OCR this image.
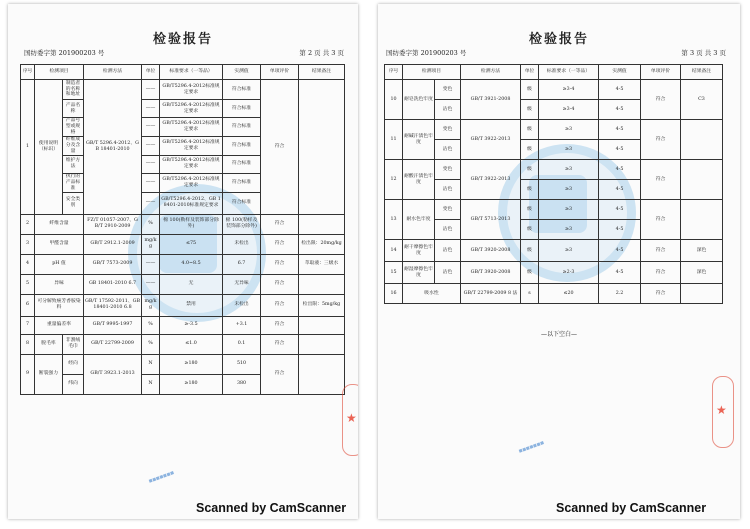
检验报告
国纺委字第 201900203 号	第 2 页 共 3 页
序号	检测项目		检测方法	单位	标准要求（一等品）	实测值	单项评价	结果备注
1	使用说明（标识）	制造者的名称和地址	GB/T 5296.4-2012、GB 18401-2010	——	GB/T5296.4-2012标准规定要求	符合标准	符合	
		产品名称		——	GB/T5296.4-2012标准规定要求	符合标准		
		产品号型或规格		——	GB/T5296.4-2012标准规定要求	符合标准		
		纤维成分及含量		——	GB/T5296.4-2012标准规定要求	符合标准		
		维护方法		——	GB/T5296.4-2012标准规定要求	符合标准		
		执行的产品标准		——	GB/T5296.4-2012标准规定要求	符合标准		
		安全类别		——	GB/T5296.4-2012、GB 18401-2010标准规定要求	符合标准		
2	纤维含量		FZ/T 01057-2007、GB/T 2910-2009	%	棉 100(勒样及装饰部分除外)	棉 100(勒样及装饰部分除外)	符合	
3	甲醛含量		GB/T 2912.1-2009	mg/kg	≤75	未检出	符合	检出限：20mg/kg
4	pH 值		GB/T 7573-2009	——	4.0~8.5	6.7	符合	萃取液：三级水
5	异味		GB 18401-2010 6.7	——	无	无异味	符合	
6	可分解致癌芳香胺染料		GB/T 17592-2011、GB18401-2010 6.8	mg/kg	禁用	未检出	符合	检出限：5mg/kg
7	重量偏差率		GB/T 9995-1997	%	≥-3.5	+3.1	符合	
8	脱毛率	非割绒毛巾	GB/T 22799-2009	%	≤1.0	0.1	符合	
9	断裂强力	经向	GB/T 3923.1-2013	N	≥180	510	符合	
		纬向		N	≥180	380		
★
■■■■■■■
Scanned by CamScanner
检验报告
国纺委字第 201900203 号	第 3 页 共 3 页
序号	检测项目		检测方法	单位	标准要求（一等品）	实测值	单项评价	结果备注
10	耐皂洗色牢度	变色	GB/T 3921-2008	级	≥3-4	4-5	符合	C3
		沾色		级	≥3-4	4-5		
11	耐碱汗渍色牢度	变色	GB/T 3922-2013	级	≥3	4-5	符合	
		沾色		级	≥3	4-5		
12	耐酸汗渍色牢度	变色	GB/T 3922-2013	级	≥3	4-5	符合	
		沾色		级	≥3	4-5		
13	耐水色牢度	变色	GB/T 5713-2013	级	≥3	4-5	符合	
		沾色		级	≥3	4-5		
14	耐干摩擦色牢度	沾色	GB/T 3920-2008	级	≥3	4-5	符合	深色
15	耐湿摩擦色牢度	沾色	GB/T 3920-2008	级	≥2-3	4-5	符合	深色
16	吸水性		GB/T 22799-2009 8 法	s	≤20	2.2	符合	
—以下空白—
★
■■■■■■■
Scanned by CamScanner
